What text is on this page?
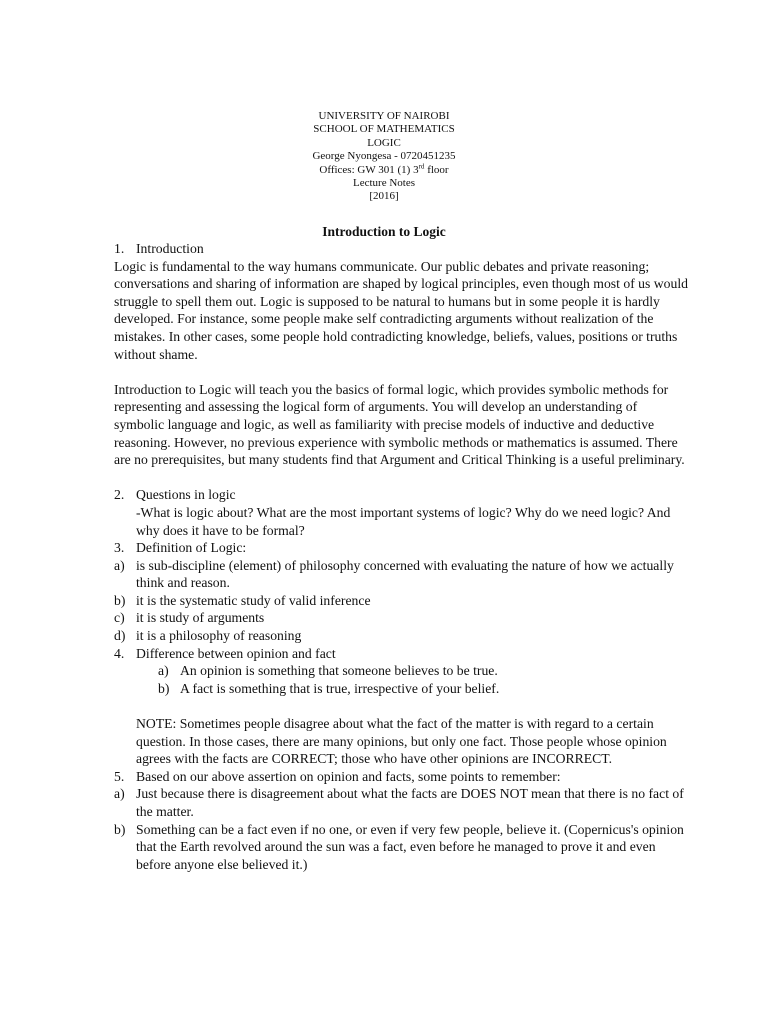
UNIVERSITY OF NAIROBI
SCHOOL OF MATHEMATICS
LOGIC
George Nyongesa - 0720451235
Offices: GW 301 (1) 3rd floor
Lecture Notes
[2016]
Introduction to Logic
1. Introduction

Logic is fundamental to the way humans communicate. Our public debates and private reasoning; conversations and sharing of information are shaped by logical principles, even though most of us would struggle to spell them out. Logic is supposed to be natural to humans but in some people it is hardly developed. For instance, some people make self contradicting arguments without realization of the mistakes. In other cases, some people hold contradicting knowledge, beliefs, values, positions or truths without shame.

Introduction to Logic will teach you the basics of formal logic, which provides symbolic methods for representing and assessing the logical form of arguments. You will develop an understanding of symbolic language and logic, as well as familiarity with precise models of inductive and deductive reasoning. However, no previous experience with symbolic methods or mathematics is assumed. There are no prerequisites, but many students find that Argument and Critical Thinking is a useful preliminary.

2. Questions in logic

-What is logic about? What are the most important systems of logic? Why do we need logic? And why does it have to be formal?

3. Definition of Logic:
a) is sub-discipline (element) of philosophy concerned with evaluating the nature of how we actually think and reason.
b) it is the systematic study of valid inference
c) it is study of arguments
d) it is a philosophy of reasoning
4. Difference between opinion and fact
a) An opinion is something that someone believes to be true.
b) A fact is something that is true, irrespective of your belief.

NOTE: Sometimes people disagree about what the fact of the matter is with regard to a certain question. In those cases, there are many opinions, but only one fact. Those people whose opinion agrees with the facts are CORRECT; those who have other opinions are INCORRECT.

5. Based on our above assertion on opinion and facts, some points to remember:
a) Just because there is disagreement about what the facts are DOES NOT mean that there is no fact of the matter.
b) Something can be a fact even if no one, or even if very few people, believe it. (Copernicus's opinion that the Earth revolved around the sun was a fact, even before he managed to prove it and even before anyone else believed it.)
